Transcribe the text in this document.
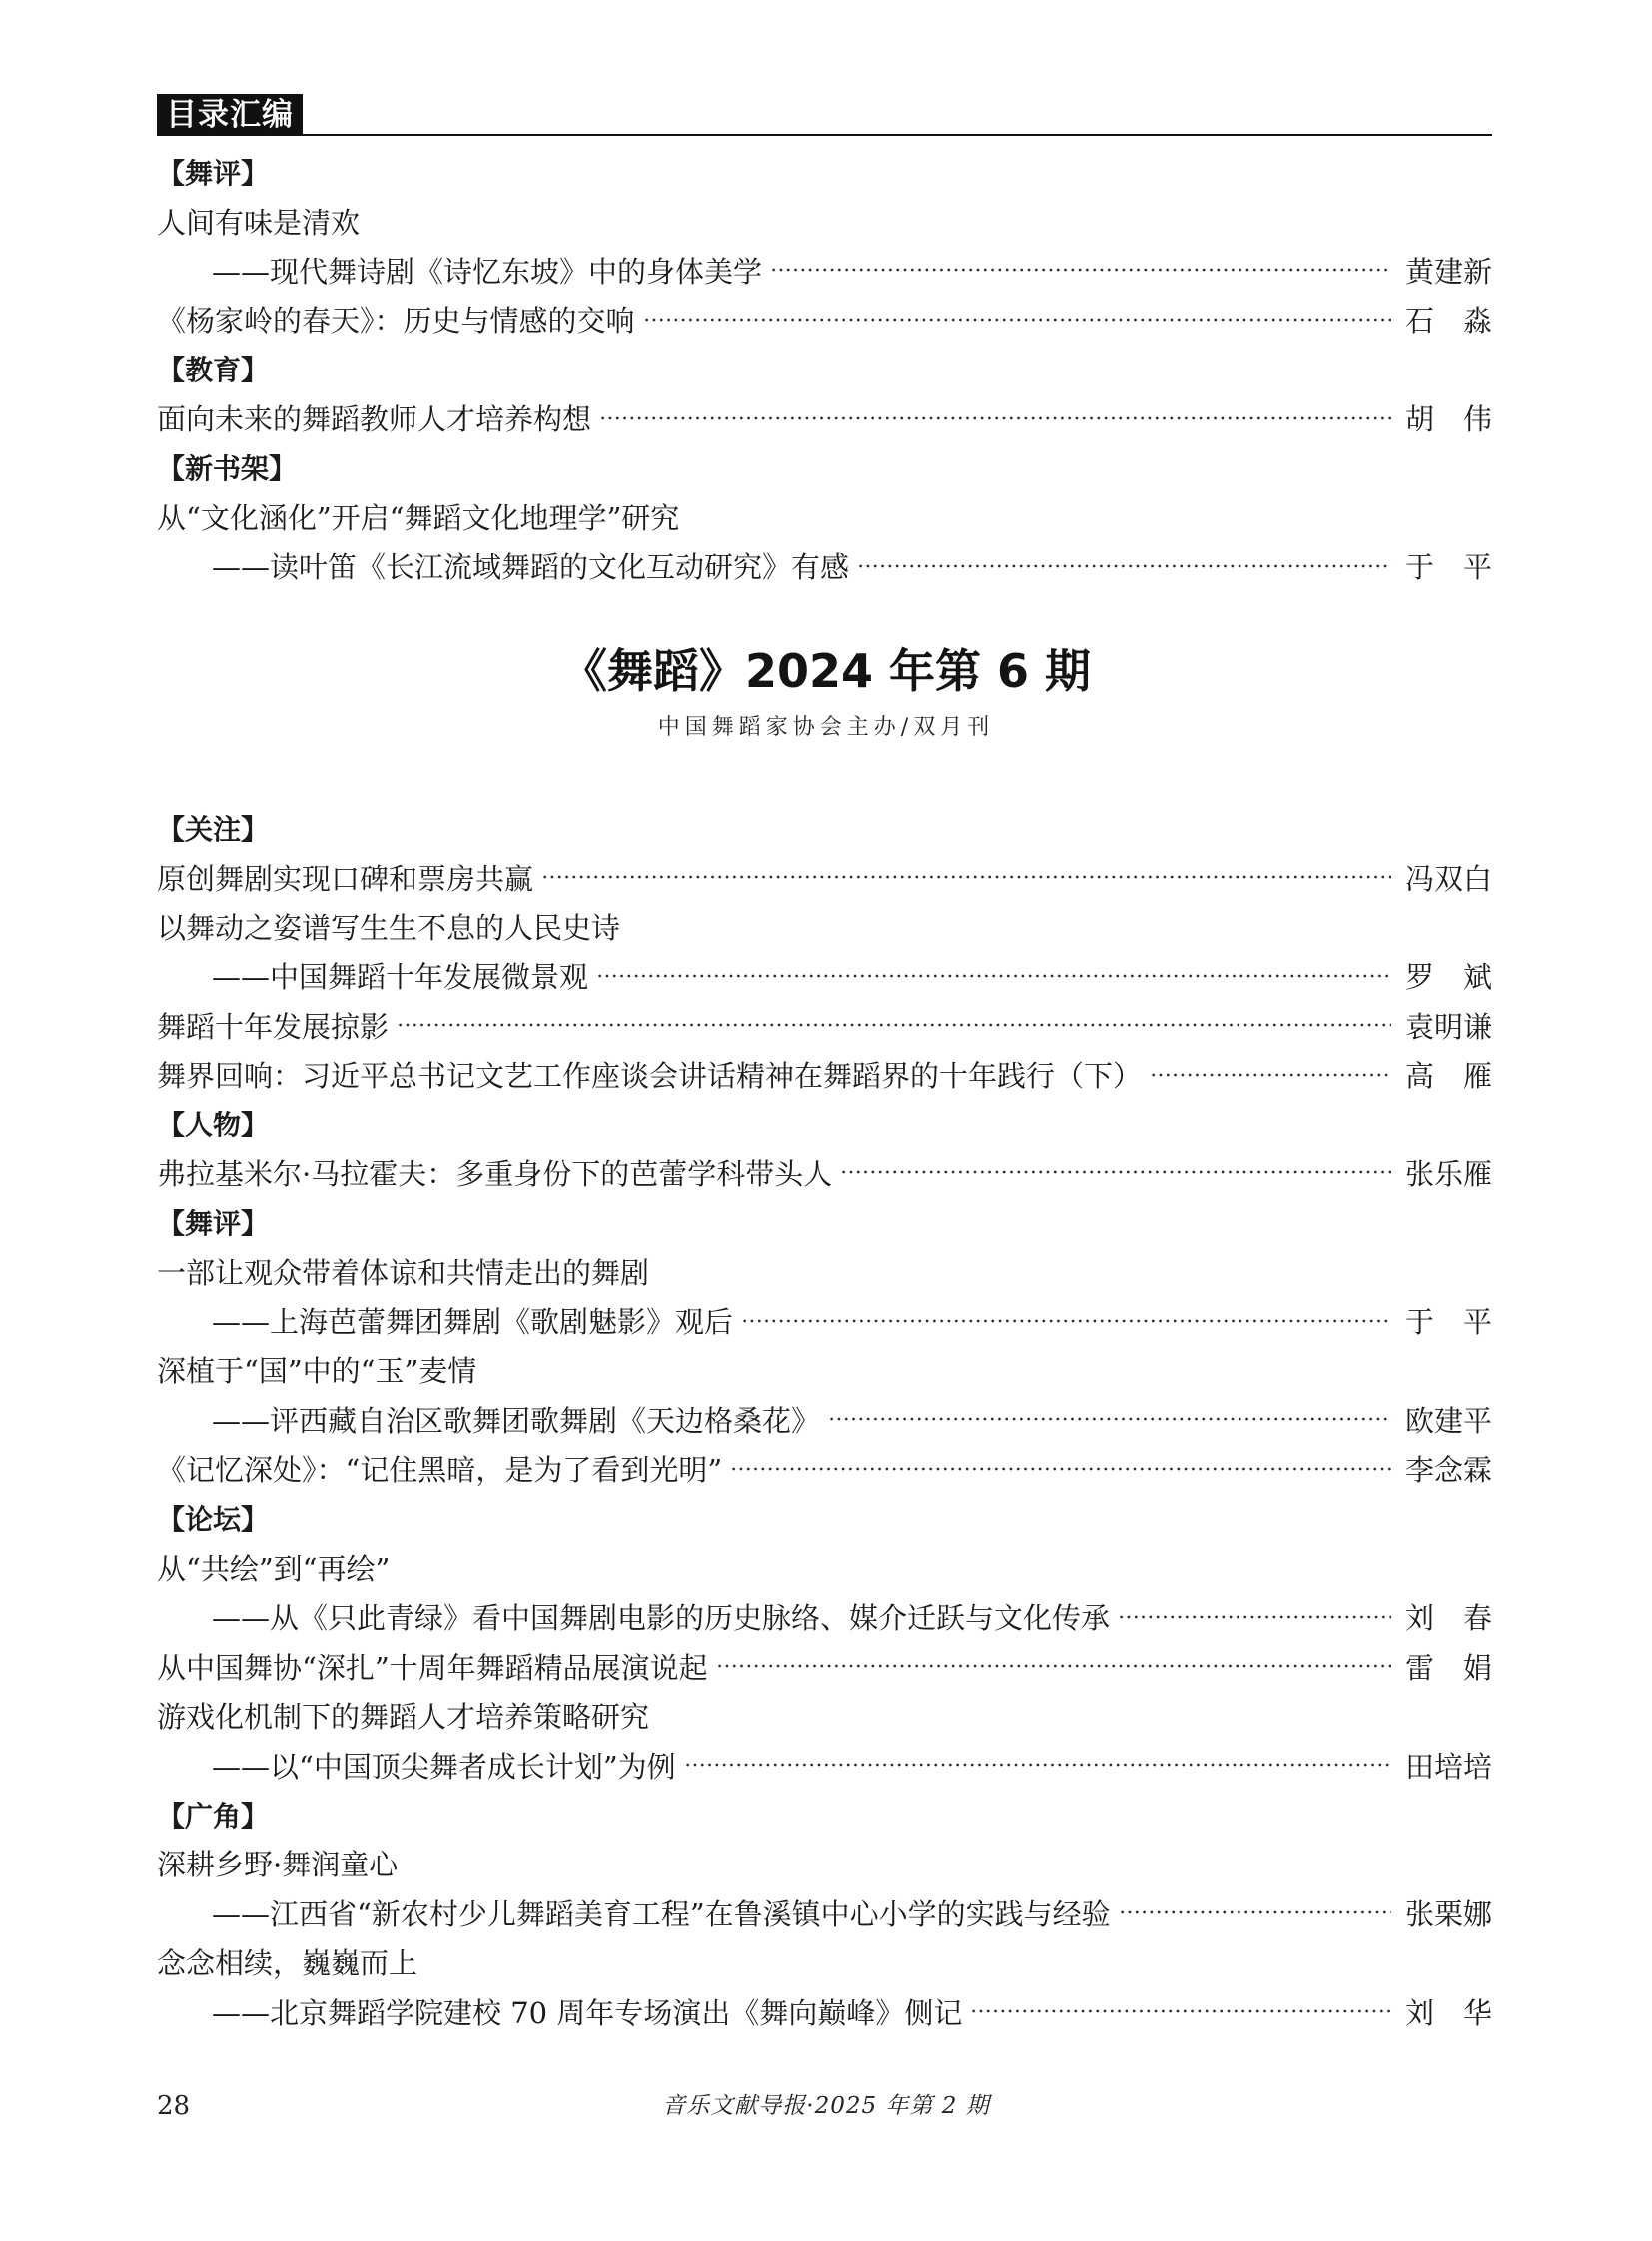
目录汇编
【舞评】
人间有味是清欢
——现代舞诗剧《诗忆东坡》中的身体美学	黄建新
《杨家岭的春天》：历史与情感的交响	石　淼
【教育】
面向未来的舞蹈教师人才培养构想	胡　伟
【新书架】
从“文化涵化”开启“舞蹈文化地理学”研究
——读叶笛《长江流域舞蹈的文化互动研究》有感	于　平
《舞蹈》2024 年第 6 期
中国舞蹈家协会主办/双月刊
【关注】
原创舞剧实现口碑和票房共赢	冯双白
以舞动之姿谱写生生不息的人民史诗
——中国舞蹈十年发展微景观	罗　斌
舞蹈十年发展掠影	袁明谦
舞界回响：习近平总书记文艺工作座谈会讲话精神在舞蹈界的十年践行（下）	高　雁
【人物】
弗拉基米尔·马拉霍夫：多重身份下的芭蕾学科带头人	张乐雁
【舞评】
一部让观众带着体谅和共情走出的舞剧
——上海芭蕾舞团舞剧《歌剧魅影》观后	于　平
深植于“国”中的“玉”麦情
——评西藏自治区歌舞团歌舞剧《天边格桑花》	欧建平
《记忆深处》：“记住黑暗，是为了看到光明”	李念霖
【论坛】
从“共绘”到“再绘”
——从《只此青绿》看中国舞剧电影的历史脉络、媒介迁跃与文化传承	刘　春
从中国舞协“深扎”十周年舞蹈精品展演说起	雷　娟
游戏化机制下的舞蹈人才培养策略研究
——以“中国顶尖舞者成长计划”为例	田培培
【广角】
深耕乡野·舞润童心
——江西省“新农村少儿舞蹈美育工程”在鲁溪镇中心小学的实践与经验	张栗娜
念念相续，巍巍而上
——北京舞蹈学院建校 70 周年专场演出《舞向巅峰》侧记	刘　华
28	音乐文献导报·2025 年第 2 期
